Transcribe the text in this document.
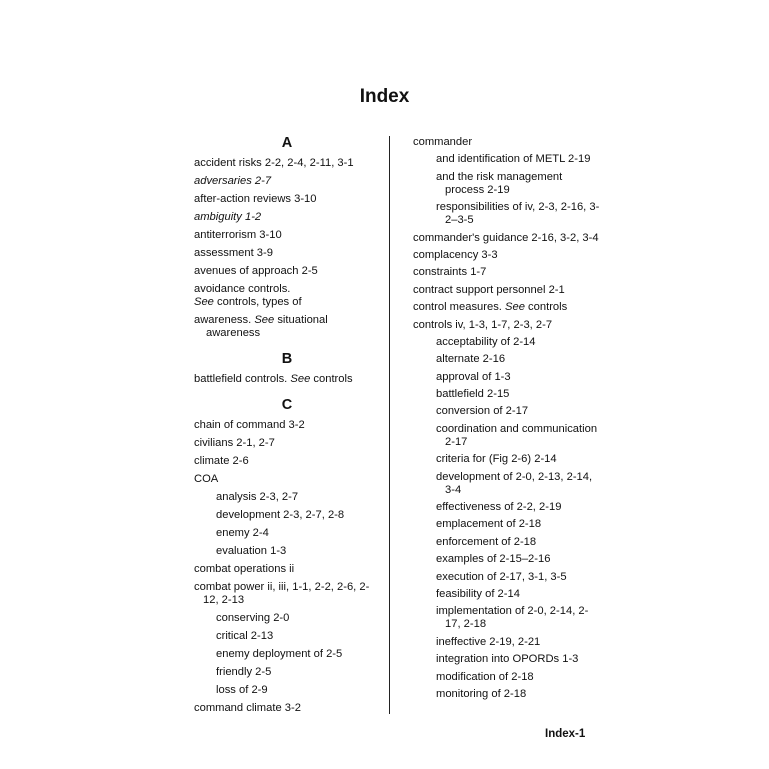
Index
A
accident risks 2-2, 2-4, 2-11, 3-1
adversaries 2-7
after-action reviews 3-10
ambiguity 1-2
antiterrorism 3-10
assessment 3-9
avenues of approach 2-5
avoidance controls.
See controls, types of
awareness. See situational
awareness
B
battlefield controls. See controls
C
chain of command 3-2
civilians 2-1, 2-7
climate 2-6
COA
analysis 2-3, 2-7
development 2-3, 2-7, 2-8
enemy 2-4
evaluation 1-3
combat operations ii
combat power ii, iii, 1-1, 2-2, 2-6, 2-12, 2-13
conserving 2-0
critical 2-13
enemy deployment of 2-5
friendly 2-5
loss of 2-9
command climate 3-2
commander
and identification of METL 2-19
and the risk management process 2-19
responsibilities of iv, 2-3, 2-16, 3-2–3-5
commander's guidance 2-16, 3-2, 3-4
complacency 3-3
constraints 1-7
contract support personnel 2-1
control measures. See controls
controls iv, 1-3, 1-7, 2-3, 2-7
acceptability of 2-14
alternate 2-16
approval of 1-3
battlefield 2-15
conversion of 2-17
coordination and communication 2-17
criteria for (Fig 2-6) 2-14
development of 2-0, 2-13, 2-14, 3-4
effectiveness of 2-2, 2-19
emplacement of 2-18
enforcement of 2-18
examples of 2-15–2-16
execution of 2-17, 3-1, 3-5
feasibility of 2-14
implementation of 2-0, 2-14, 2-17, 2-18
ineffective 2-19, 2-21
integration into OPORDs 1-3
modification of 2-18
monitoring of 2-18
Index-1
